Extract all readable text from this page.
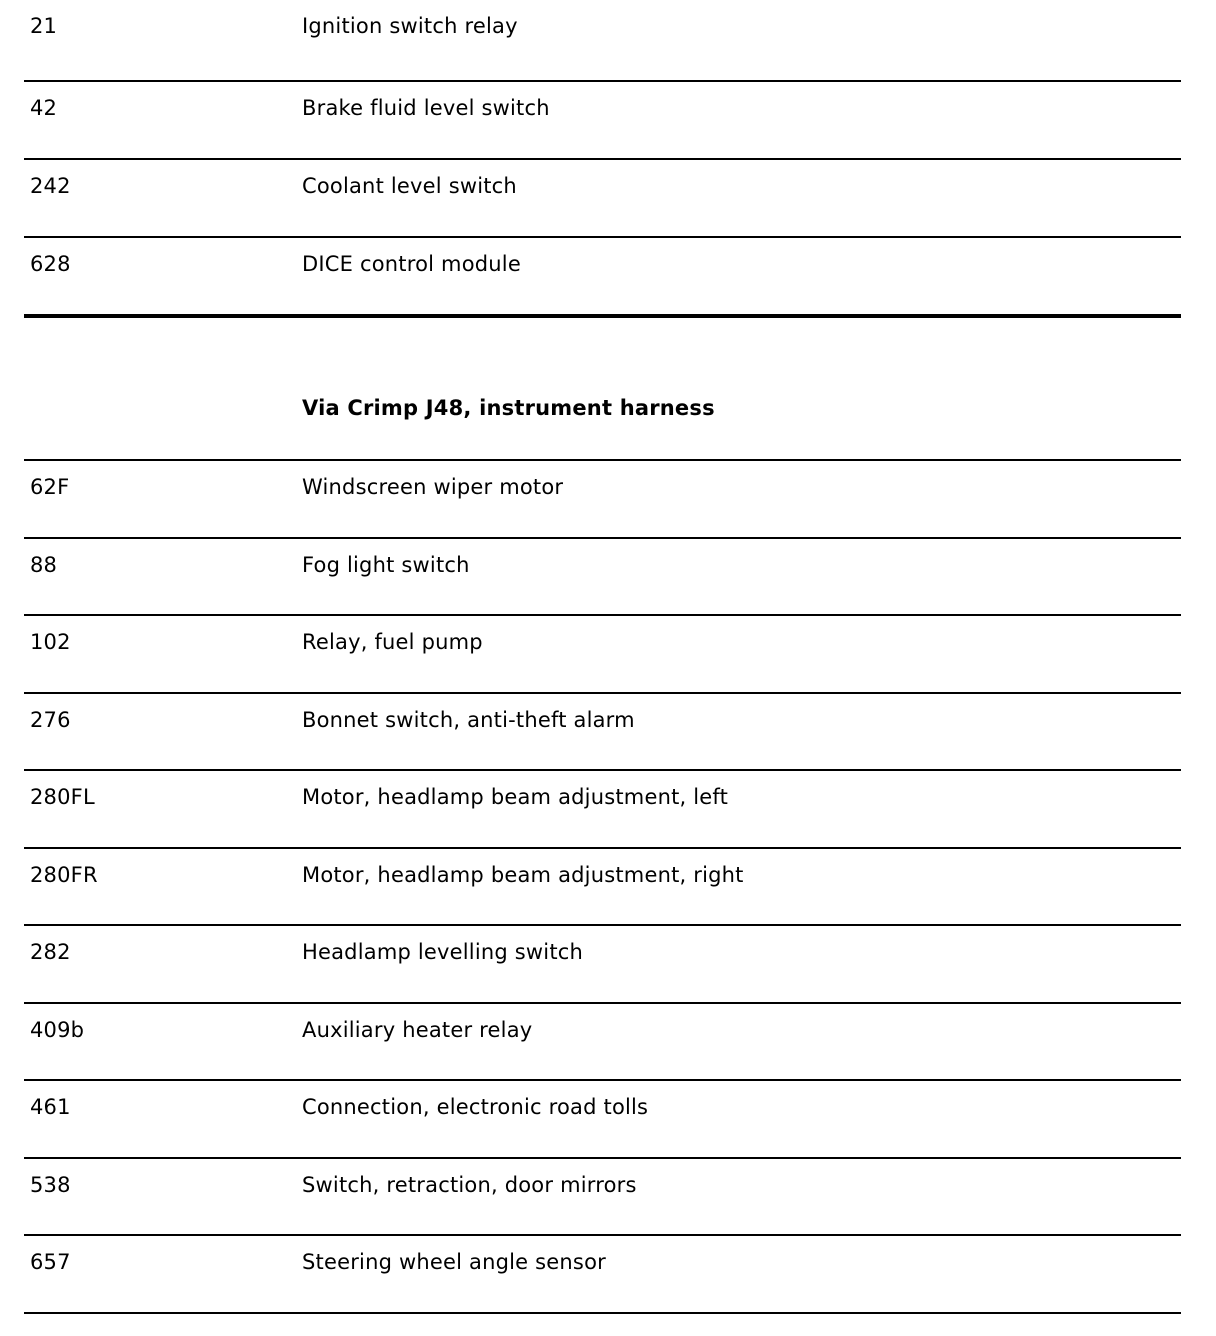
21	Ignition switch relay
42	Brake fluid level switch
242	Coolant level switch
628	DICE control module
Via Crimp J48, instrument harness
62F	Windscreen wiper motor
88	Fog light switch
102	Relay, fuel pump
276	Bonnet switch, anti-theft alarm
280FL	Motor, headlamp beam adjustment, left
280FR	Motor, headlamp beam adjustment, right
282	Headlamp levelling switch
409b	Auxiliary heater relay
461	Connection, electronic road tolls
538	Switch, retraction, door mirrors
657	Steering wheel angle sensor
